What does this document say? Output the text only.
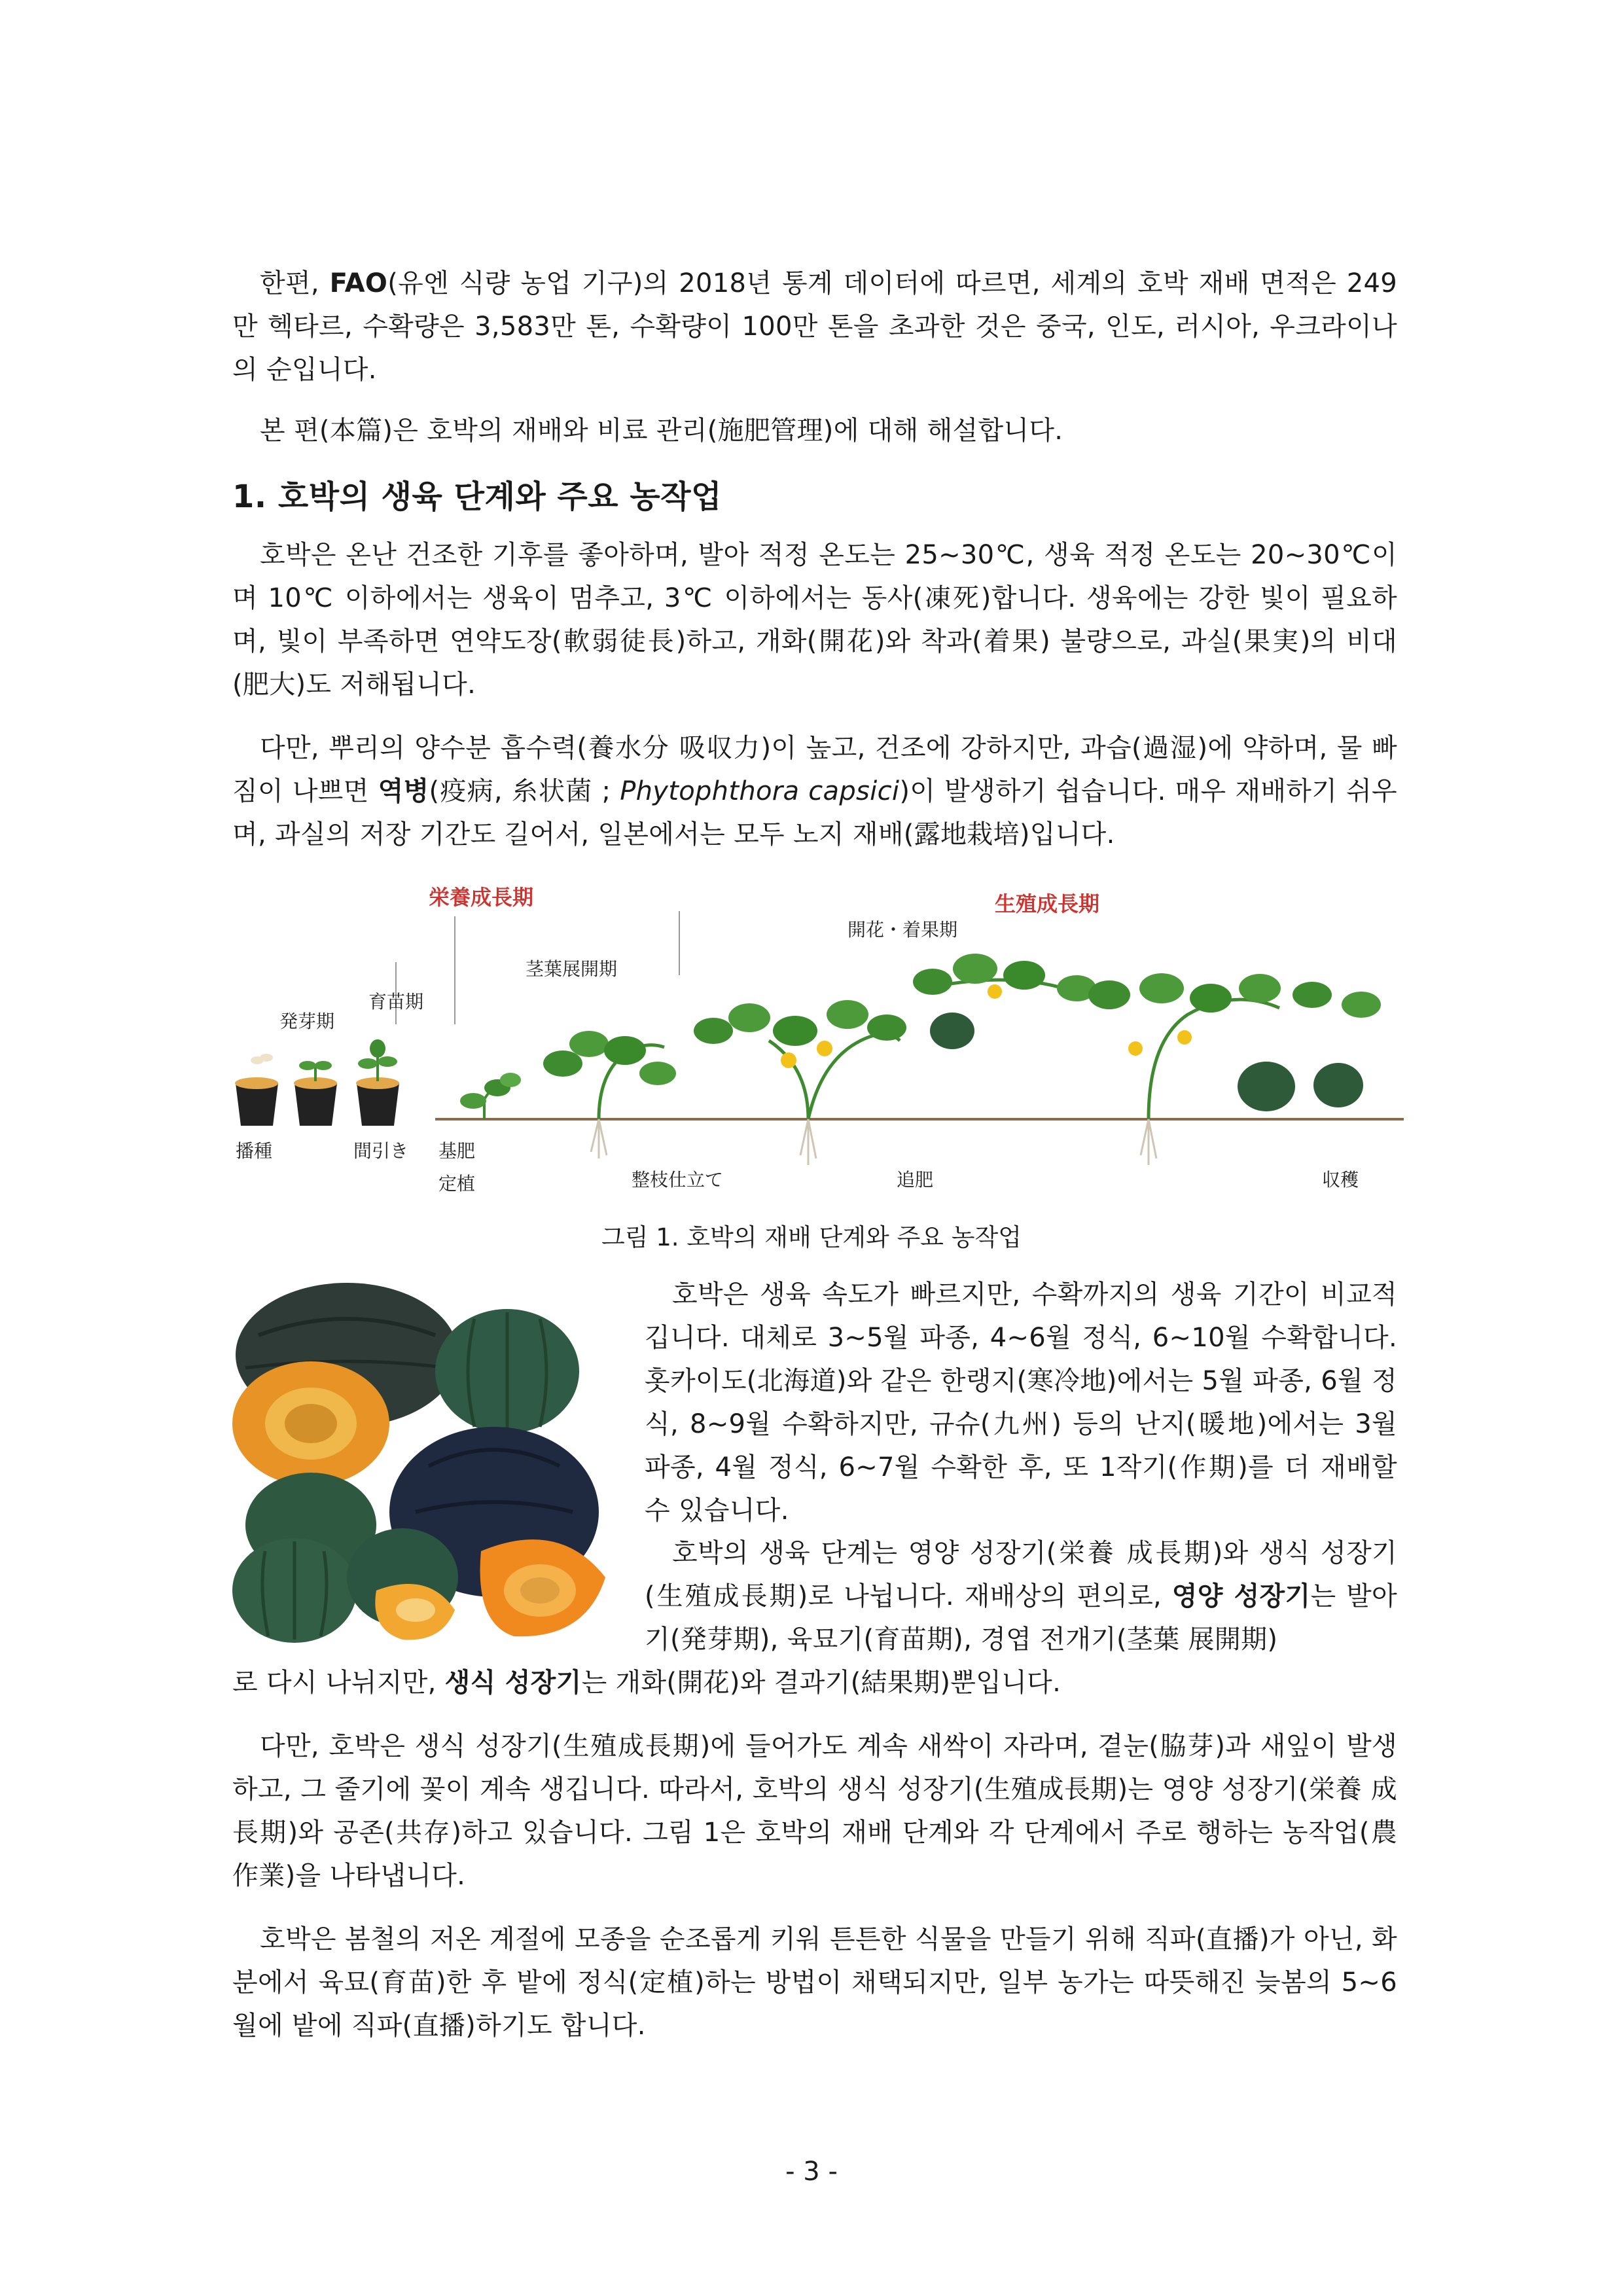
한편, FAO(유엔 식량 농업 기구)의 2018년 통계 데이터에 따르면, 세계의 호박 재배 면적은 249만 헥타르, 수확량은 3,583만 톤, 수확량이 100만 톤을 초과한 것은 중국, 인도, 러시아, 우크라이나의 순입니다.

본 편(本篇)은 호박의 재배와 비료 관리(施肥管理)에 대해 해설합니다.

1. 호박의 생육 단계와 주요 농작업

호박은 온난 건조한 기후를 좋아하며, 발아 적정 온도는 25~30℃, 생육 적정 온도는 20~30℃이며 10℃ 이하에서는 생육이 멈추고, 3℃ 이하에서는 동사(凍死)합니다. 생육에는 강한 빛이 필요하며, 빛이 부족하면 연약도장(軟弱徒長)하고, 개화(開花)와 착과(着果) 불량으로, 과실(果実)의 비대(肥大)도 저해됩니다.

다만, 뿌리의 양수분 흡수력(養水分 吸収力)이 높고, 건조에 강하지만, 과습(過湿)에 약하며, 물 빠짐이 나쁘면 역병(疫病, 糸状菌 ; Phytophthora capsici)이 발생하기 쉽습니다. 매우 재배하기 쉬우며, 과실의 저장 기간도 길어서, 일본에서는 모두 노지 재배(露地栽培)입니다.

栄養成長期	生殖成長期
発芽期
育苗期
茎葉展開期
開花・着果期
播種	間引き 基肥
定植	整枝仕立て	追肥	収穫

그림 1. 호박의 재배 단계와 주요 농작업

호박은 생육 속도가 빠르지만, 수확까지의 생육 기간이 비교적 깁니다. 대체로 3~5월 파종, 4~6월 정식, 6~10월 수확합니다. 홋카이도(北海道)와 같은 한랭지(寒冷地)에서는 5월 파종, 6월 정식, 8~9월 수확하지만, 규슈(九州) 등의 난지(暖地)에서는 3월 파종, 4월 정식, 6~7월 수확한 후, 또 1작기(作期)를 더 재배할 수 있습니다.

호박의 생육 단계는 영양 성장기(栄養 成長期)와 생식 성장기(生殖成長期)로 나뉩니다. 재배상의 편의로, 영양 성장기는 발아기(発芽期), 육묘기(育苗期), 경엽 전개기(茎葉 展開期)

로 다시 나뉘지만, 생식 성장기는 개화(開花)와 결과기(結果期)뿐입니다.

다만, 호박은 생식 성장기(生殖成長期)에 들어가도 계속 새싹이 자라며, 곁눈(脇芽)과 새잎이 발생하고, 그 줄기에 꽃이 계속 생깁니다. 따라서, 호박의 생식 성장기(生殖成長期)는 영양 성장기(栄養 成長期)와 공존(共存)하고 있습니다. 그림 1은 호박의 재배 단계와 각 단계에서 주로 행하는 농작업(農作業)을 나타냅니다.

호박은 봄철의 저온 계절에 모종을 순조롭게 키워 튼튼한 식물을 만들기 위해 직파(直播)가 아닌, 화분에서 육묘(育苗)한 후 밭에 정식(定植)하는 방법이 채택되지만, 일부 농가는 따뜻해진 늦봄의 5~6월에 밭에 직파(直播)하기도 합니다.

- 3 -
